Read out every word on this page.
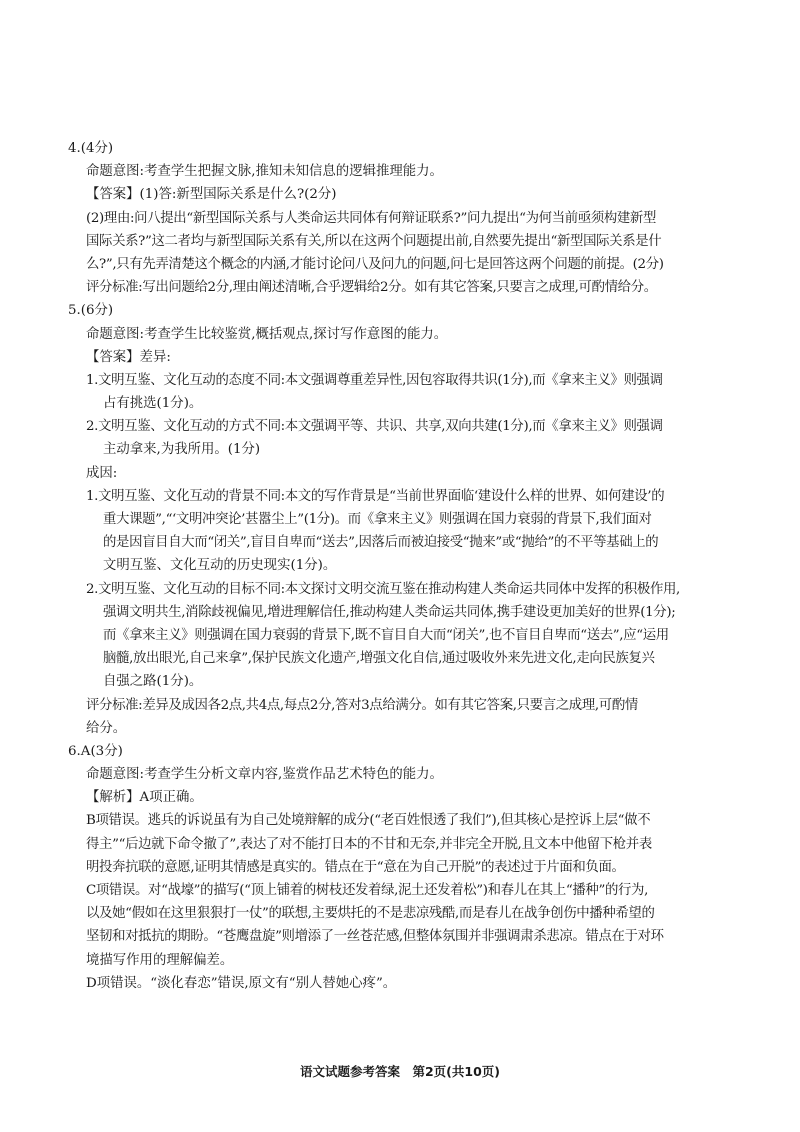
4.(4分)
命题意图:考查学生把握文脉,推知未知信息的逻辑推理能力。
【答案】(1)答:新型国际关系是什么?(2分)
(2)理由:问八提出“新型国际关系与人类命运共同体有何辩证联系?”问九提出“为何当前亟须构建新型
国际关系?”这二者均与新型国际关系有关,所以在这两个问题提出前,自然要先提出“新型国际关系是什
么?”,只有先弄清楚这个概念的内涵,才能讨论问八及问九的问题,问七是回答这两个问题的前提。(2分)
评分标准:写出问题给2分,理由阐述清晰,合乎逻辑给2分。如有其它答案,只要言之成理,可酌情给分。
5.(6分)
命题意图:考查学生比较鉴赏,概括观点,探讨写作意图的能力。
【答案】差异:
1.文明互鉴、文化互动的态度不同:本文强调尊重差异性,因包容取得共识(1分),而《拿来主义》则强调
占有挑选(1分)。
2.文明互鉴、文化互动的方式不同:本文强调平等、共识、共享,双向共建(1分),而《拿来主义》则强调
主动拿来,为我所用。(1分)
成因:
1.文明互鉴、文化互动的背景不同:本文的写作背景是“当前世界面临‘建设什么样的世界、如何建设’的
重大课题”,“‘文明冲突论’甚嚣尘上”(1分)。而《拿来主义》则强调在国力衰弱的背景下,我们面对
的是因盲目自大而“闭关”,盲目自卑而“送去”,因落后而被迫接受“抛来”或“抛给”的不平等基础上的
文明互鉴、文化互动的历史现实(1分)。
2.文明互鉴、文化互动的目标不同:本文探讨文明交流互鉴在推动构建人类命运共同体中发挥的积极作用,
强调文明共生,消除歧视偏见,增进理解信任,推动构建人类命运共同体,携手建设更加美好的世界(1分);
而《拿来主义》则强调在国力衰弱的背景下,既不盲目自大而“闭关”,也不盲目自卑而“送去”,应“运用
脑髓,放出眼光,自己来拿”,保护民族文化遗产,增强文化自信,通过吸收外来先进文化,走向民族复兴
自强之路(1分)。
评分标准:差异及成因各2点,共4点,每点2分,答对3点给满分。如有其它答案,只要言之成理,可酌情
给分。
6.A(3分)
命题意图:考查学生分析文章内容,鉴赏作品艺术特色的能力。
【解析】A项正确。
B项错误。逃兵的诉说虽有为自己处境辩解的成分(“老百姓恨透了我们”),但其核心是控诉上层“做不
得主”“后边就下命令撤了”,表达了对不能打日本的不甘和无奈,并非完全开脱,且文本中他留下枪并表
明投奔抗联的意愿,证明其情感是真实的。错点在于“意在为自己开脱”的表述过于片面和负面。
C项错误。对“战壕”的描写(“顶上铺着的树枝还发着绿,泥土还发着松”)和春儿在其上“播种”的行为,
以及她“假如在这里狠狠打一仗”的联想,主要烘托的不是悲凉残酷,而是春儿在战争创伤中播种希望的
坚韧和对抵抗的期盼。“苍鹰盘旋”则增添了一丝苍茫感,但整体氛围并非强调肃杀悲凉。错点在于对环
境描写作用的理解偏差。
D项错误。“淡化春恋”错误,原文有“别人替她心疼”。
语文试题参考答案　第2页(共10页)
